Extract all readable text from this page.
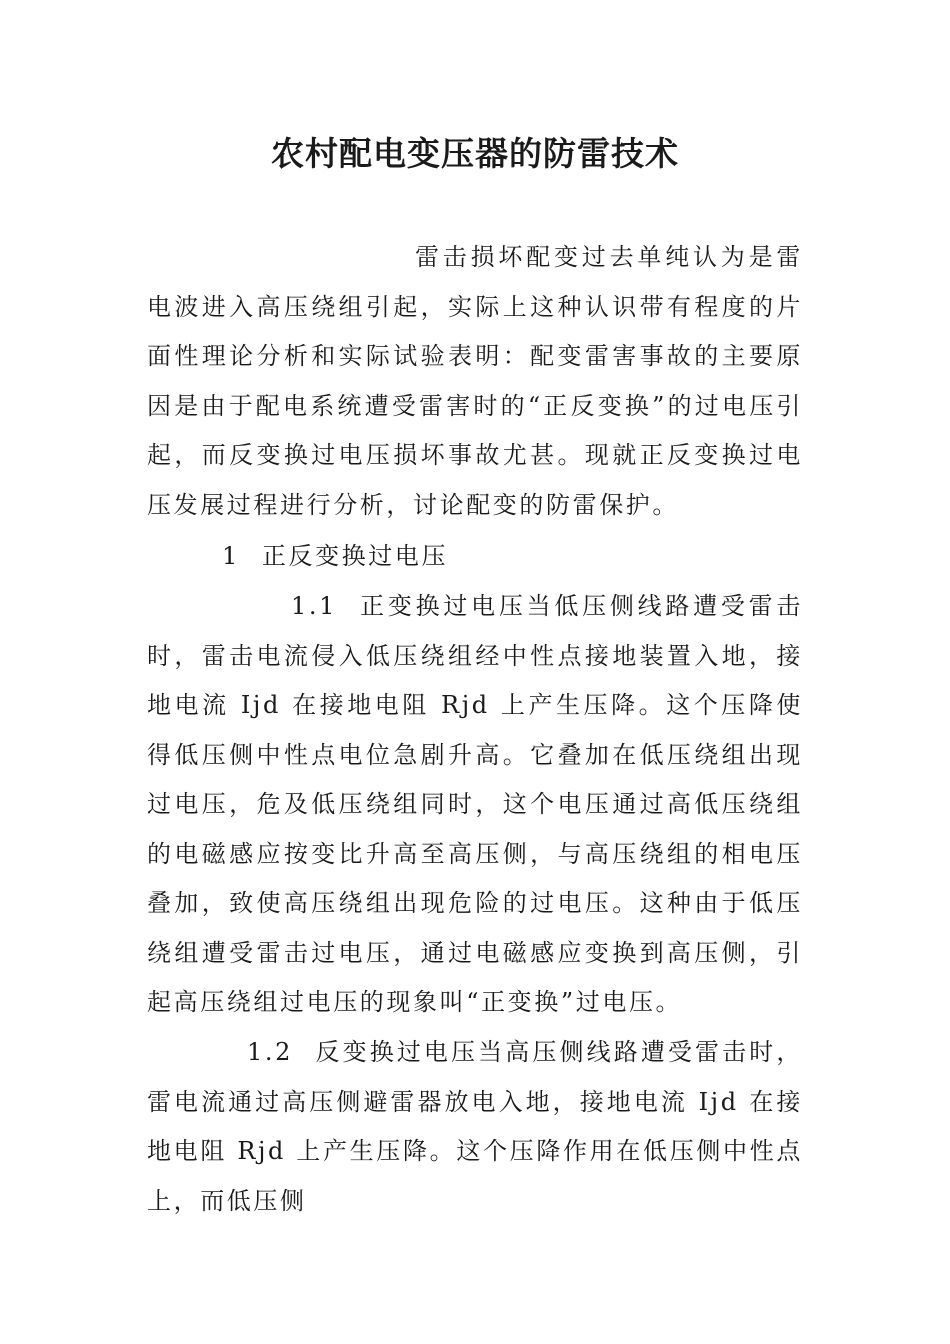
农村配电变压器的防雷技术

雷击损坏配变过去单纯认为是雷电波进入高压绕组引起，实际上这种认识带有程度的片面性理论分析和实际试验表明：配变雷害事故的主要原因是由于配电系统遭受雷害时的“正反变换”的过电压引起，而反变换过电压损坏事故尤甚。现就正反变换过电压发展过程进行分析，讨论配变的防雷保护。

1 正反变换过电压

1.1 正变换过电压当低压侧线路遭受雷击时，雷击电流侵入低压绕组经中性点接地装置入地，接地电流 Ijd 在接地电阻 Rjd 上产生压降。这个压降使得低压侧中性点电位急剧升高。它叠加在低压绕组出现过电压，危及低压绕组同时，这个电压通过高低压绕组的电磁感应按变比升高至高压侧，与高压绕组的相电压叠加，致使高压绕组出现危险的过电压。这种由于低压绕组遭受雷击过电压，通过电磁感应变换到高压侧，引起高压绕组过电压的现象叫“正变换”过电压。

1.2 反变换过电压当高压侧线路遭受雷击时，雷电流通过高压侧避雷器放电入地，接地电流 Ijd 在接地电阻 Rjd 上产生压降。这个压降作用在低压侧中性点上，而低压侧
